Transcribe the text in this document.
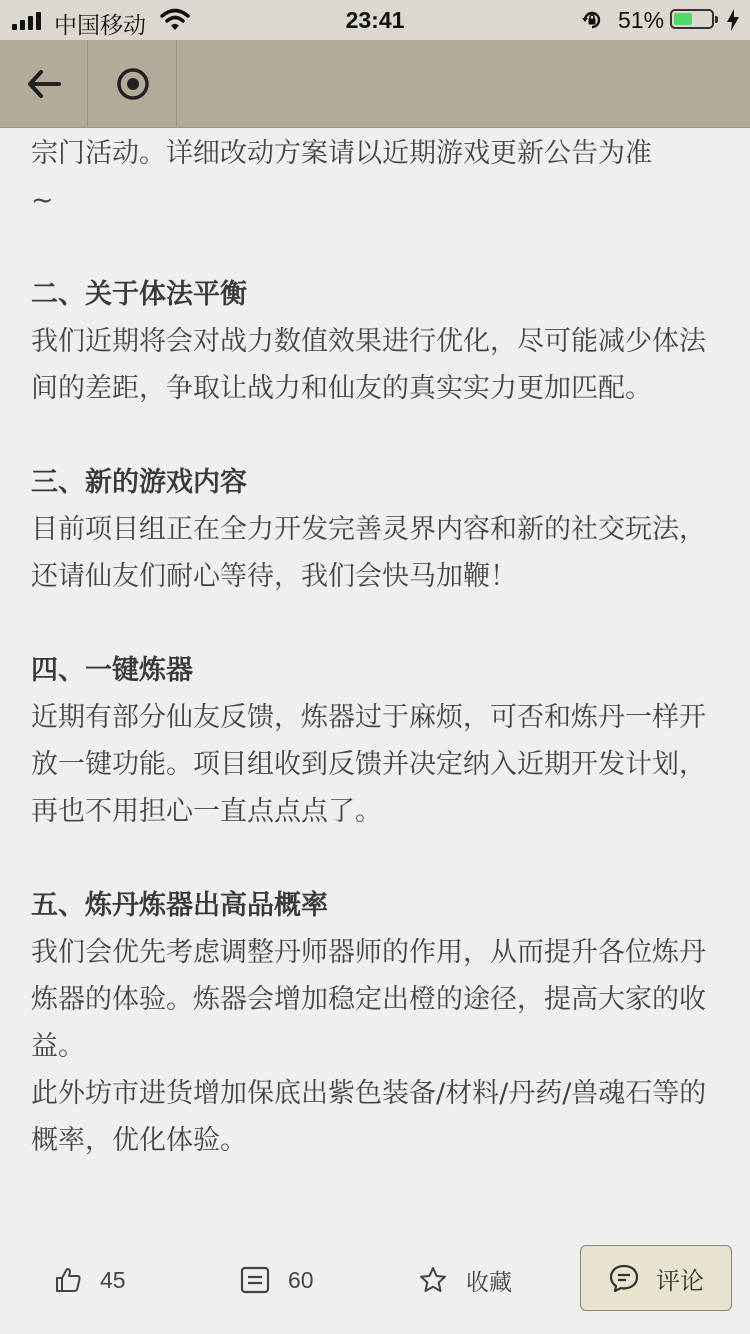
中国移动	23:41	51%

宗门活动。详细改动方案请以近期游戏更新公告为准

~

二、关于体法平衡

我们近期将会对战力数值效果进行优化，尽可能减少体法间的差距，争取让战力和仙友的真实实力更加匹配。

三、新的游戏内容

目前项目组正在全力开发完善灵界内容和新的社交玩法，还请仙友们耐心等待，我们会快马加鞭！

四、一键炼器

近期有部分仙友反馈，炼器过于麻烦，可否和炼丹一样开放一键功能。项目组收到反馈并决定纳入近期开发计划，再也不用担心一直点点点了。

五、炼丹炼器出高品概率

我们会优先考虑调整丹师器师的作用，从而提升各位炼丹炼器的体验。炼器会增加稳定出橙的途径，提高大家的收益。

此外坊市进货增加保底出紫色装备/材料/丹药/兽魂石等的概率，优化体验。

45	60	收藏	评论
